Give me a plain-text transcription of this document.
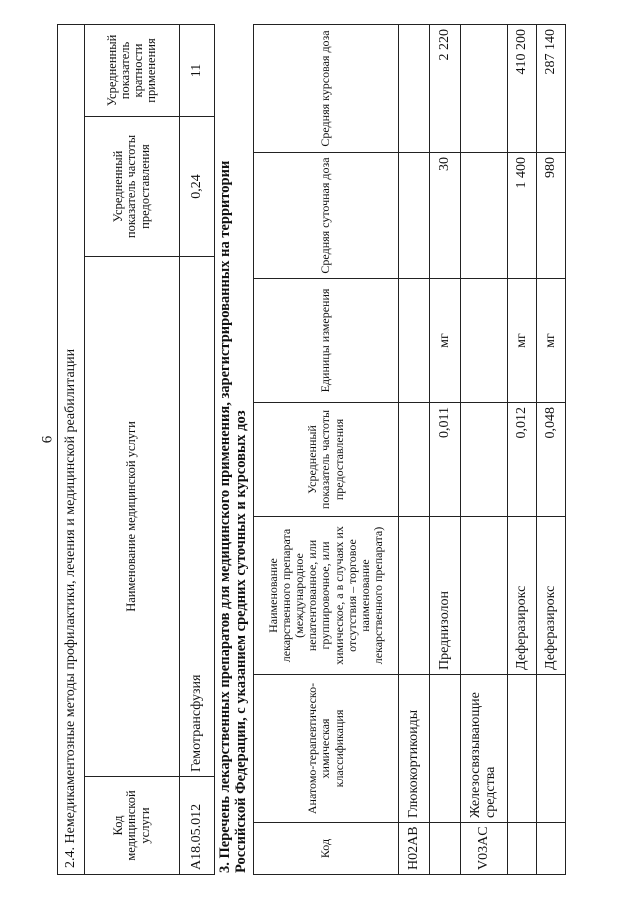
6 2.4. Немедикаментозные методы профилактики, лечения и медицинской реабилитации			
Код медицинской услуги	Наименование медицинской услуги	Усредненный показатель частоты предоставления	Усредненный показатель кратности применения
A18.05.012	Гемотрансфузия	0,24	11
3. Перечень лекарственных препаратов для медицинского применения, зарегистрированных на территории Российской Федерации, с указанием средних суточных и курсовых доз	Код	Анатомо-терапевтическо-химическая классификация	Наименование лекарственного препарата (международное непатентованное, или группировочное, или химическое, а в случаях их отсутствия – торговое наименование лекарственного препарата)	Усредненный показатель частоты предоставления	Единицы измерения	Средняя суточная доза	Средняя курсовая доза
H02AB	Глюкокортикоиды					
		Преднизолон	0,011	мг	30	2 220
V03AC	Железосвязывающие средства					
		Деферазирокс	0,012	мг	1 400	410 200
		Деферазирокс	0,048	мг	980	287 140
